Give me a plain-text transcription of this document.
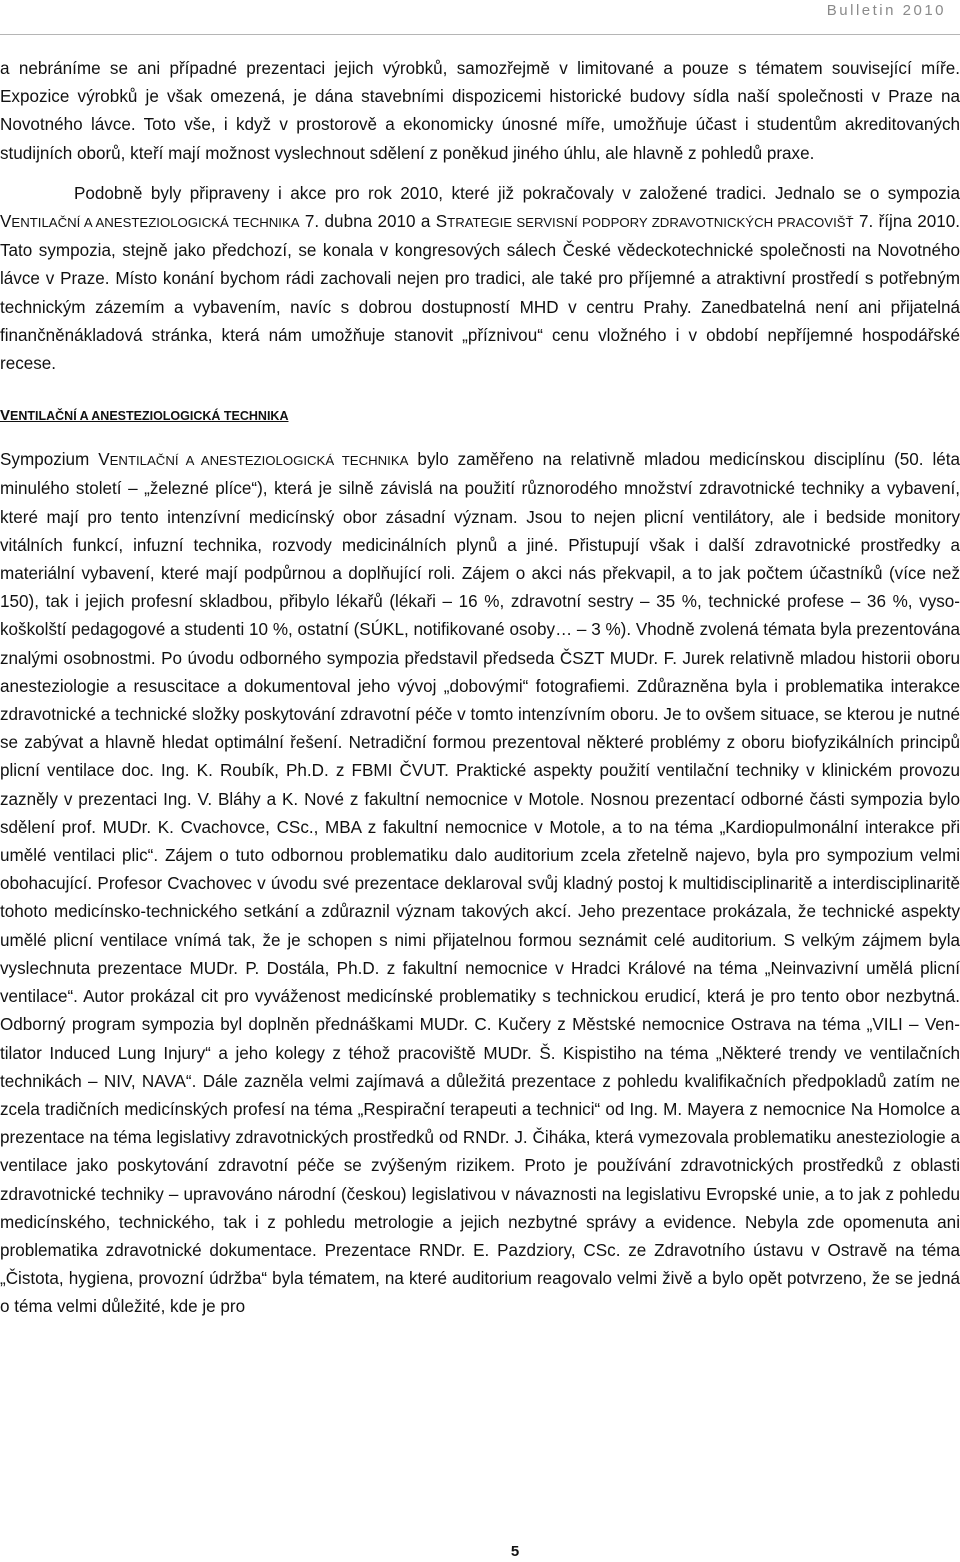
Bulletin 2010

a nebráníme se ani případné prezentaci jejich výrobků, samozřejmě v limitované a pouze s tématem související míře. Expozice výrobků je však omezená, je dána stavebními dispozicemi historické budovy sídla naší společnosti v Praze na Novotného lávce. Toto vše, i když v prostorově a ekonomicky únosné míře, umožňuje účast i studentům akreditovaných studijních oborů, kteří mají možnost vyslechnout sdělení z poněkud jiného úhlu, ale hlavně z pohledů praxe.

Podobně byly připraveny i akce pro rok 2010, které již pokračovaly v založené tradici. Jednalo se o sympozia VENTILAČNÍ A ANESTEZIOLOGICKÁ TECHNIKA 7. dubna 2010 a STRATEGIE SERVISNÍ PODPORY ZDRAVOTNICKÝCH PRACOVIŠŤ 7. října 2010. Tato sympozia, stejně jako předchozí, se konala v kongresových sálech České vědeckotechnické společnosti na Novotného lávce v Praze. Místo konání bychom rádi zachovali nejen pro tradici, ale také pro příjemné a atraktivní prostředí s potřebným technickým zázemím a vybavením, navíc s dobrou dostupností MHD v centru Prahy. Zanedbatelná není ani přijatelná finančněnákladová stránka, která nám umožňuje stanovit „příznivou“ cenu vložného i v období nepříjemné hospodářské recese.

VENTILAČNÍ A ANESTEZIOLOGICKÁ TECHNIKA

Sympozium VENTILAČNÍ A ANESTEZIOLOGICKÁ TECHNIKA bylo zaměřeno na relativně mladou medicínskou disciplínu (50. léta minulého století – „železné plíce“), která je silně závislá na použití různorodého množství zdravotnické techniky a vybavení, které mají pro tento intenzívní medicínský obor zásadní význam. Jsou to nejen plicní ventilátory, ale i bedside monitory vitálních funkcí, infuzní technika, rozvody medicinálních plynů a jiné. Přistupují však i další zdravotnické prostředky a materiální vybavení, které mají podpůrnou a doplňující roli. Zájem o akci nás překvapil, a to jak počtem účastníků (více než 150), tak i jejich profesní skladbou, přibylo lékařů (lékaři – 16 %, zdravotní sestry – 35 %, technické profese – 36 %, vysokoškolští pedagogové a studenti 10 %, ostatní (SÚKL, notifikované osoby… – 3 %). Vhodně zvolená témata byla prezentována znalými osobnostmi. Po úvodu odborného sympozia představil předseda ČSZT MUDr. F. Jurek relativně mladou historii oboru anesteziologie a resuscitace a dokumentoval jeho vývoj „dobovými“ fotografiemi. Zdůrazněna byla i problematika interakce zdravotnické a technické složky poskytování zdravotní péče v tomto intenzívním oboru. Je to ovšem situace, se kterou je nutné se zabývat a hlavně hledat optimální řešení. Netradiční formou prezentoval některé problémy z oboru biofyzikálních principů plicní ventilace doc. Ing. K. Roubík, Ph.D. z FBMI ČVUT. Praktické aspekty použití ventilační techniky v klinickém provozu zazněly v prezentaci Ing. V. Bláhy a K. Nové z fakultní nemocnice v Motole. Nosnou prezentací odborné části sympozia bylo sdělení prof. MUDr. K. Cvachovce, CSc., MBA z fakultní nemocnice v Motole, a to na téma „Kardiopulmonální interakce při umělé ventilaci plic“. Zájem o tuto odbornou problematiku dalo auditorium zcela zřetelně najevo, byla pro sympozium velmi obohacující. Profesor Cvachovec v úvodu své prezentace deklaroval svůj kladný postoj k multidisciplinaritě a interdisciplinaritě tohoto medicínsko-technického setkání a zdůraznil význam takových akcí. Jeho prezentace prokázala, že technické aspekty umělé plicní ventilace vnímá tak, že je schopen s nimi přijatelnou formou seznámit celé auditorium. S velkým zájmem byla vyslechnuta prezentace MUDr. P. Dostála, Ph.D. z fakultní nemocnice v Hradci Králové na téma „Neinvazivní umělá plicní ventilace“. Autor prokázal cit pro vyváženost medicínské problematiky s technickou erudicí, která je pro tento obor nezbytná. Odborný program sympozia byl doplněn přednáškami MUDr. C. Kučery z Městské nemocnice Ostrava na téma „VILI – Ventilator Induced Lung Injury“ a jeho kolegy z téhož pracoviště MUDr. Š. Kispistiho na téma „Některé trendy ve ventilačních technikách – NIV, NAVA“. Dále zazněla velmi zajímavá a důležitá prezentace z pohledu kvalifikačních předpokladů zatím ne zcela tradičních medicínských profesí na téma „Respirační terapeuti a technici“ od Ing. M. Mayera z nemocnice Na Homolce a prezentace na téma legislativy zdravotnických prostředků od RNDr. J. Čiháka, která vymezovala problematiku anesteziologie a ventilace jako poskytování zdravotní péče se zvýšeným rizikem. Proto je používání zdravotnických prostředků z oblasti zdravotnické techniky – upravováno národní (českou) legislativou v návaznosti na legislativu Evropské unie, a to jak z pohledu medicínského, technického, tak i z pohledu metrologie a jejich nezbytné správy a evidence. Nebyla zde opomenuta ani problematika zdravotnické dokumentace. Prezentace RNDr. E. Pazdziory, CSc. ze Zdravotního ústavu v Ostravě na téma „Čistota, hygiena, provozní údržba“ byla tématem, na které auditorium reagovalo velmi živě a bylo opět potvrzeno, že se jedná o téma velmi důležité, kde je pro

5
